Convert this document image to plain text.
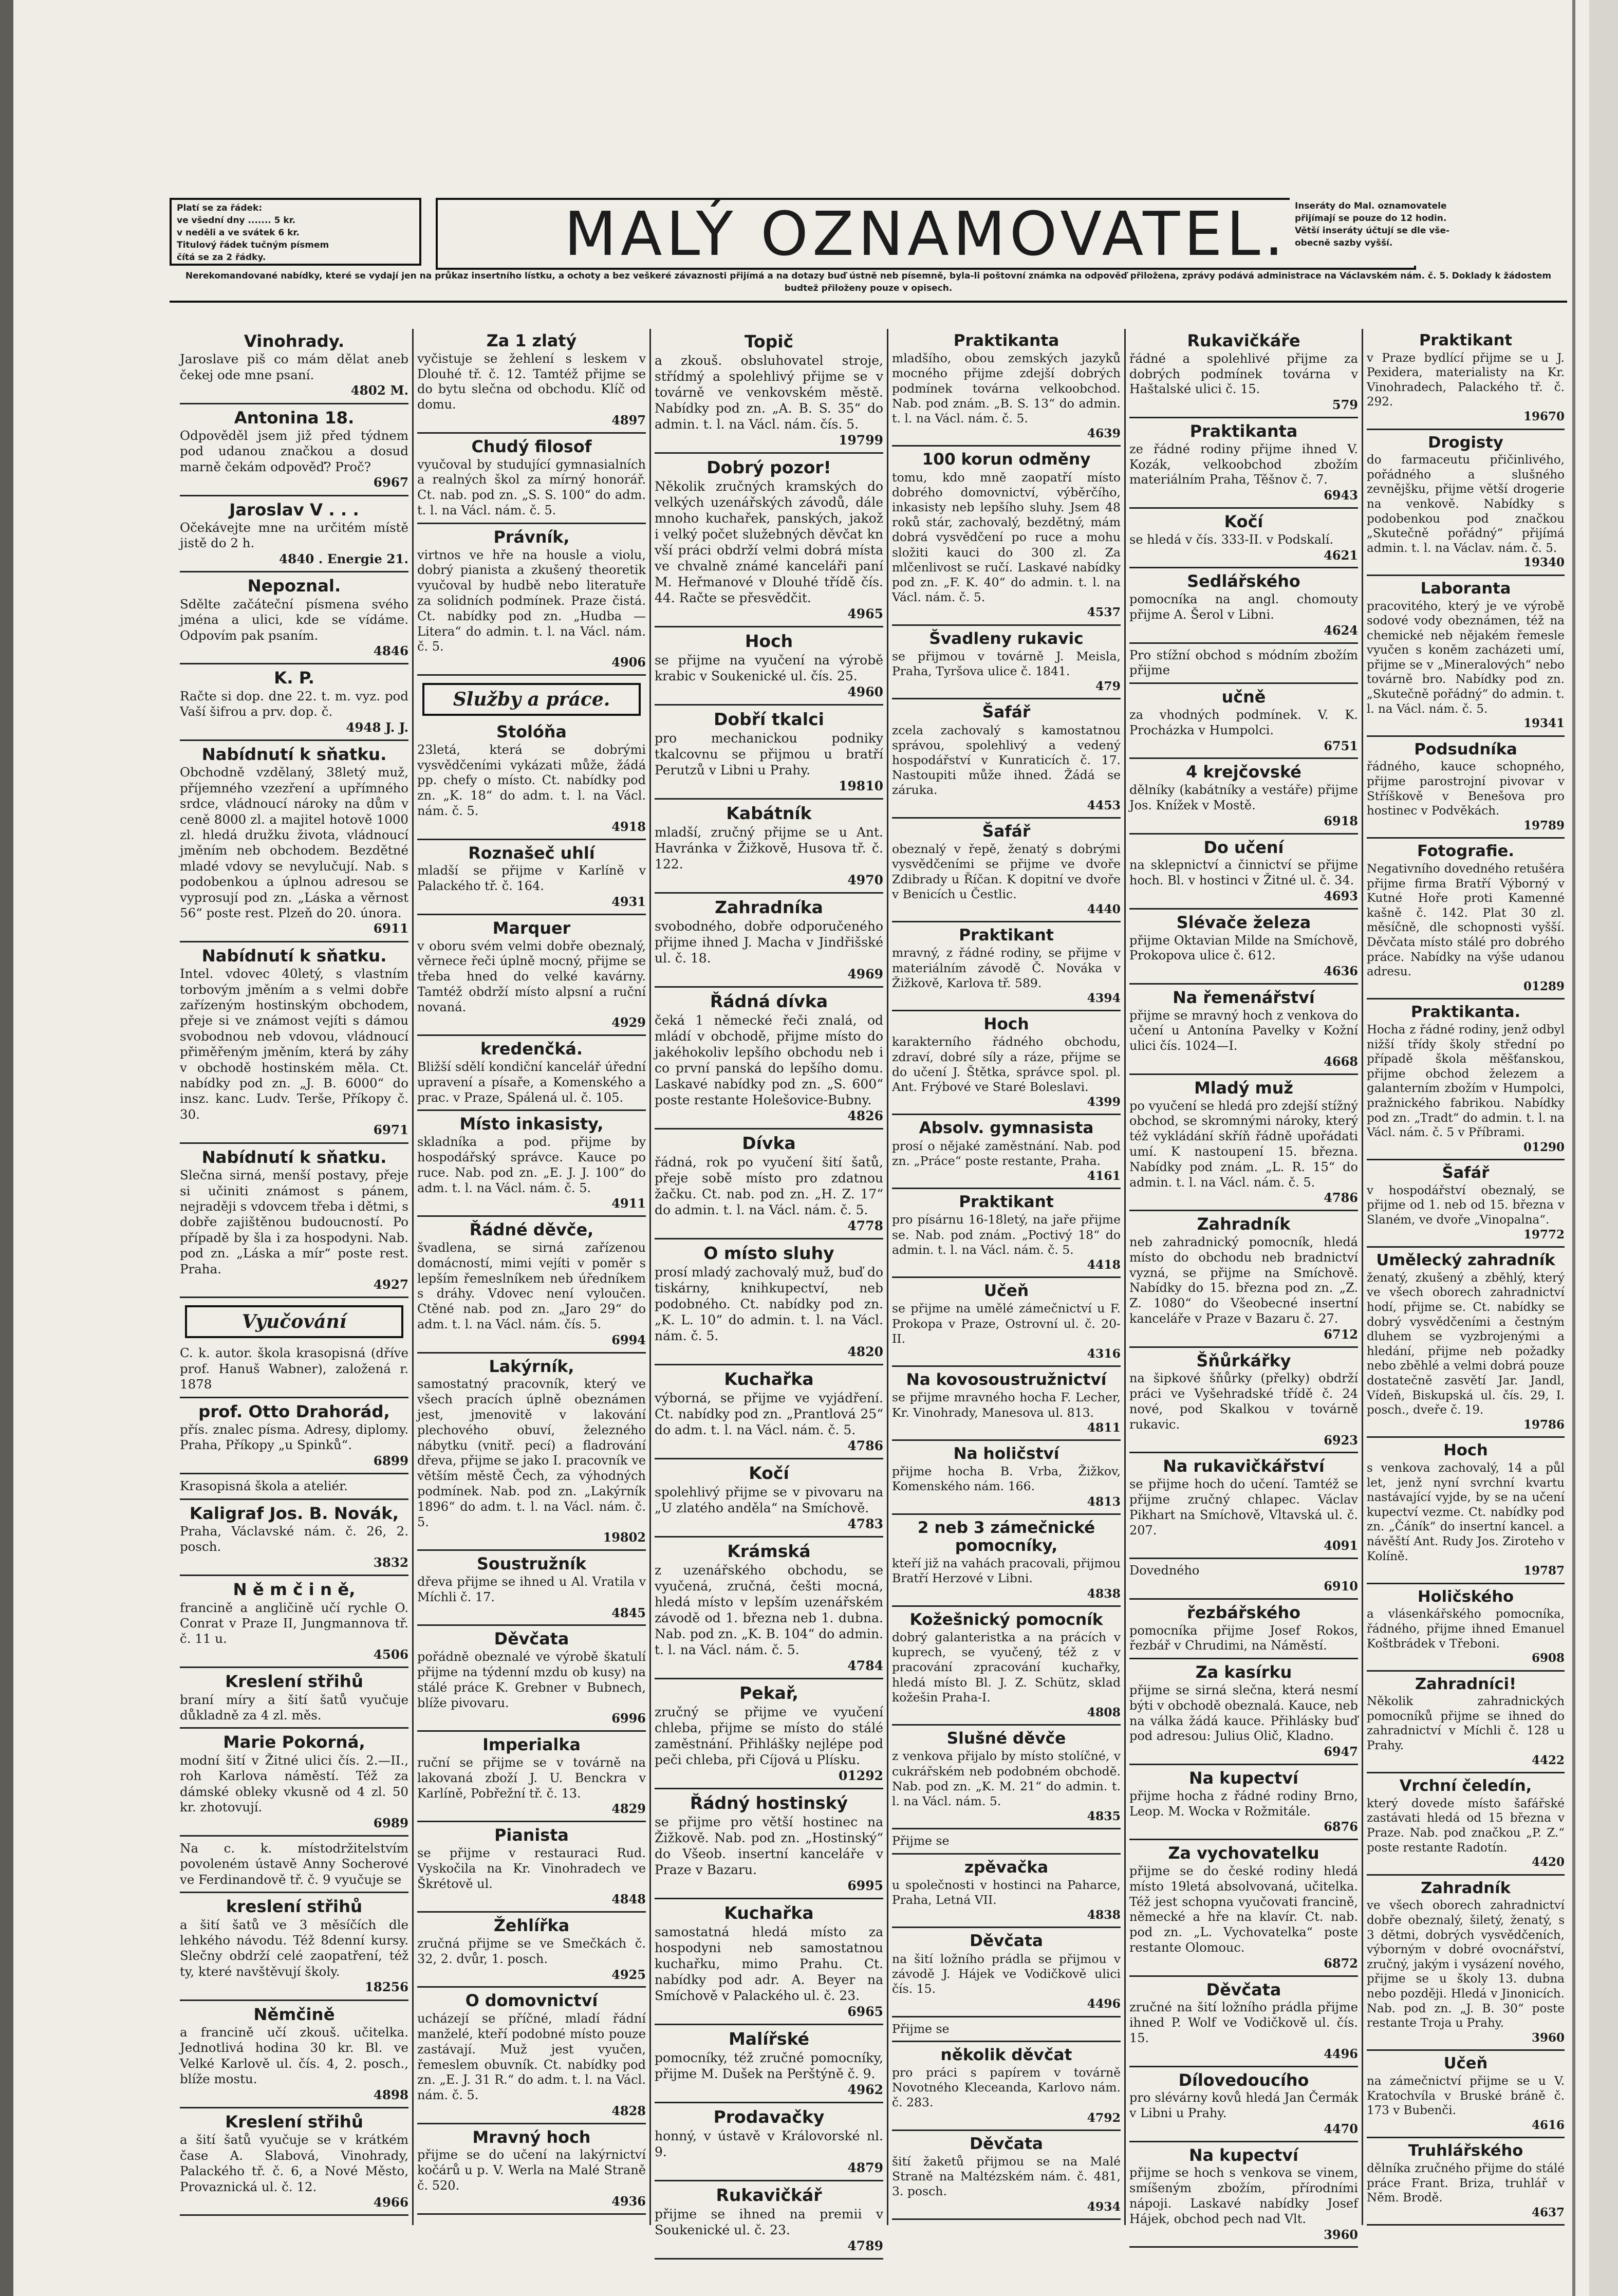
Platí se za řádek:
ve všední dny ....... 5 kr.
v neděli a ve svátek 6 kr.
Titulový řádek tučným písmem
čítá se za 2 řádky.	MALÝ OZNAMOVATEL. Inseráty do Mal. oznamovatele
přijímají se pouze do 12 hodin.
Větší inseráty účtují se dle vše-
obecně sazby vyšší.
Nerekomandované nabídky, které se vydají jen na průkaz insertního lístku, a ochoty a bez veškeré závaznosti přijímá a na dotazy buď ústně neb písemně, byla-li poštovní známka na odpověď přiložena, zprávy podává administrace na Václavském nám. č. 5. Doklady k žádostem budtež přiloženy pouze v opisech.
Vinohrady.
Jaroslave piš co mám dělat aneb čekej ode mne psaní.
4802 M.
Antonina 18.
Odpověděl jsem již před týdnem pod udanou značkou a dosud marně čekám odpověď? Proč?
6967
Jaroslav V . . .
Očekávejte mne na určitém místě jistě do 2 h.
4840 . Energie 21.
Nepoznal.
Sdělte začáteční písmena svého jména a ulici, kde se vídáme. Odpovím pak psaním.
4846
K. P.
Račte si dop. dne 22. t. m. vyz. pod Vaší šifrou a prv. dop. č.
4948 J. J.
Nabídnutí k sňatku.
Obchodně vzdělaný, 38letý muž, příjemného vzezření a upřímného srdce, vládnoucí nároky na dům v ceně 8000 zl. a majitel hotově 1000 zl. hledá družku života, vládnoucí jměním neb obchodem. Bezdětné mladé vdovy se nevylučují. Nab. s podobenkou a úplnou adresou se vyprosují pod zn. „Láska a věrnost 56“ poste rest. Plzeň do 20. února.
6911
Nabídnutí k sňatku.
Intel. vdovec 40letý, s vlastním torbovým jměním a s velmi dobře zařízeným hostinským obchodem, přeje si ve známost vejíti s dámou svobodnou neb vdovou, vládnoucí přiměřeným jměním, která by záhy v obchodě hostinském měla. Ct. nabídky pod zn. „J. B. 6000“ do insz. kanc. Ludv. Terše, Příkopy č. 30.
6971
Nabídnutí k sňatku.
Slečna sirná, menší postavy, přeje si učiniti známost s pánem, nejraději s vdovcem třeba i dětmi, s dobře zajištěnou budoucností. Po případě by šla i za hospodyni. Nab. pod zn. „Láska a mír“ poste rest. Praha.
4927
Vyučování
C. k. autor. škola krasopisná (dříve prof. Hanuš Wabner), založená r. 1878
prof. Otto Drahorád,
přís. znalec písma. Adresy, diplomy. Praha, Příkopy „u Spinků“.
6899
Krasopisná škola a ateliér.
Kaligraf Jos. B. Novák,
Praha, Václavské nám. č. 26, 2. posch.
3832
N ě m č i n ě,
francině a angličině učí rychle O. Conrat v Praze II, Jungmannova tř. č. 11 u.
4506
Kreslení střihů
braní míry a šití šatů vyučuje důkladně za 4 zl. měs.
Marie Pokorná,
modní šití v Žitné ulici čís. 2.—II., roh Karlova náměstí. Též za dámské obleky vkusně od 4 zl. 50 kr. zhotovují.
6989
Na c. k. místodržitelstvím povoleném ústavě Anny Socherové ve Ferdinandově tř. č. 9 vyučuje se
kreslení střihů
a šití šatů ve 3 měsíčích dle lehkého návodu. Též 8denní kursy. Slečny obdrží celé zaopatření, též ty, které navštěvují školy.
18256
Němčině
a francině učí zkouš. učitelka. Jednotlivá hodina 30 kr. Bl. ve Velké Karlově ul. čís. 4, 2. posch., blíže mostu.
4898
Kreslení střihů
a šití šatů vyučuje se v krátkém čase A. Slabová, Vinohrady, Palackého tř. č. 6, a Nové Město, Provaznická ul. č. 12.
4966
Za 1 zlatý
vyčistuje se žehlení s leskem v Dlouhé tř. č. 12. Tamtéž přijme se do bytu slečna od obchodu. Klíč od domu.
4897
Chudý filosof
vyučoval by studující gymnasialních a realných škol za mírný honorář. Ct. nab. pod zn. „S. S. 100“ do adm. t. l. na Václ. nám. č. 5.
Právník,
virtnos ve hře na housle a violu, dobrý pianista a zkušený theoretik vyučoval by hudbě nebo literatuře za solidních podmínek. Praze čistá. Ct. nabídky pod zn. „Hudba — Litera“ do admin. t. l. na Václ. nám. č. 5.
4906
Služby a práce.
Stolóňa
23letá, která se dobrými vysvědčeními vykázati může, žádá pp. chefy o místo. Ct. nabídky pod zn. „K. 18“ do adm. t. l. na Václ. nám. č. 5.
4918
Roznašeč uhlí
mladší se přijme v Karlíně v Palackého tř. č. 164.
4931
Marquer
v oboru svém velmi dobře obeznalý, věrnece řeči úplně mocný, přijme se třeba hned do velké kavárny. Tamtéž obdrží místo alpsní a ruční novaná.
4929
kredenčká.
Bližší sdělí kondiční kancelář úřední upravení a písaře, a Komenského a prac. v Praze, Spálená ul. č. 105.
Místo inkasisty,
skladníka a pod. přijme by hospodářský správce. Kauce po ruce. Nab. pod zn. „E. J. J. 100“ do adm. t. l. na Václ. nám. č. 5.
4911
Řádné děvče,
švadlena, se sirná zařízenou domácností, mimi vejíti v poměr s lepším řemeslníkem neb úředníkem s dráhy. Vdovec není vyloučen. Ctěné nab. pod zn. „Jaro 29“ do adm. t. l. na Václ. nám. čís. 5.
6994
Lakýrník,
samostatný pracovník, který ve všech pracích úplně obeznámen jest, jmenovitě v lakování plechového obuví, železného nábytku (vnitř. pecí) a fladrování dřeva, přijme se jako I. pracovník ve větším městě Čech, za výhodných podmínek. Nab. pod zn. „Lakýrník 1896“ do adm. t. l. na Václ. nám. č. 5.
19802
Soustružník
dřeva přijme se ihned u Al. Vratila v Míchli č. 17.
4845
Děvčata
pořádně obeznalé ve výrobě škatulí přijme na týdenní mzdu ob kusy) na stálé práce K. Grebner v Bubnech, blíže pivovaru.
6996
Imperialka
ruční se přijme se v továrně na lakovaná zboží J. U. Benckra v Karlíně, Pobřežní tř. č. 13.
4829
Pianista
se přijme v restauraci Rud. Vyskočila na Kr. Vinohradech ve Škrétově ul.
4848
Žehlířka
zručná přijme se ve Smečkách č. 32, 2. dvůr, 1. posch.
4925
O domovnictví
ucházejí se příčné, mladí řádní manželé, kteří podobné místo pouze zastávají. Muž jest vyučen, řemeslem obuvník. Ct. nabídky pod zn. „E. J. 31 R.“ do adm. t. l. na Václ. nám. č. 5.
4828
Mravný hoch
přijme se do učení na lakýrnictví kočárů u p. V. Werla na Malé Straně č. 520.
4936
Topič
a zkouš. obsluhovatel stroje, střídmý a spolehlivý přijme se v továrně ve venkovském městě. Nabídky pod zn. „A. B. S. 35“ do admin. t. l. na Václ. nám. čís. 5.
19799
Dobrý pozor!
Několik zručných kramských do velkých uzenářských závodů, dále mnoho kuchařek, panských, jakož i velký počet služebných děvčat kn vší práci obdrží velmi dobrá místa ve chvalně známé kanceláři paní M. Heřmanové v Dlouhé třídě čís. 44. Račte se přesvědčit.
4965
Hoch
se přijme na vyučení na výrobě krabic v Soukenické ul. čís. 25.
4960
Dobří tkalci
pro mechanickou podniky tkalcovnu se přijmou u bratří Perutzů v Libni u Prahy.
19810
Kabátník
mladší, zručný přijme se u Ant. Havránka v Žižkově, Husova tř. č. 122.
4970
Zahradníka
svobodného, dobře odporučeného přijme ihned J. Macha v Jindřišské ul. č. 18.
4969
Řádná dívka
čeká 1 německé řeči znalá, od mládí v obchodě, přijme místo do jakéhokoliv lepšího obchodu neb i co první panská do lepšího domu. Laskavé nabídky pod zn. „S. 600“ poste restante Holešovice-Bubny.
4826
Dívka
řádná, rok po vyučení šití šatů, přeje sobě místo pro zdatnou žačku. Ct. nab. pod zn. „H. Z. 17“ do admin. t. l. na Václ. nám. č. 5.
4778
O místo sluhy
prosí mladý zachovalý muž, buď do tiskárny, knihkupectví, neb podobného. Ct. nabídky pod zn. „K. L. 10“ do admin. t. l. na Václ. nám. č. 5.
4820
Kuchařka
výborná, se přijme ve vyjádření. Ct. nabídky pod zn. „Prantlová 25“ do adm. t. l. na Václ. nám. č. 5.
4786
Kočí
spolehlivý přijme se v pivovaru na „U zlatého anděla“ na Smíchově.
4783
Krámská
z uzenářského obchodu, se vyučená, zručná, češti mocná, hledá místo v lepším uzenářském závodě od 1. března neb 1. dubna. Nab. pod zn. „K. B. 104“ do admin. t. l. na Václ. nám. č. 5.
4784
Pekař,
zručný se přijme ve vyučení chleba, přijme se místo do stálé zaměstnání. Přihlášky nejlépe pod peči chleba, při Cíjová u Plísku.
01292
Řádný hostinský
se přijme pro větší hostinec na Žižkově. Nab. pod zn. „Hostinský“ do Všeob. insertní kanceláře v Praze v Bazaru.
6995
Kuchařka
samostatná hledá místo za hospodyni neb samostatnou kuchařku, mimo Prahu. Ct. nabídky pod adr. A. Beyer na Smíchově v Palackého ul. č. 23.
6965
Malířské
pomocníky, též zručné pomocníky, přijme M. Dušek na Perštýně č. 9.
4962
Prodavačky
honný, v ústavě v Královorské nl. 9.
4879
Rukavičkář
přijme se ihned na premii v Soukenické ul. č. 23.
4789
Praktikanta
mladšího, obou zemských jazyků mocného přijme zdejší dobrých podmínek továrna velkoobchod. Nab. pod znám. „B. S. 13“ do admin. t. l. na Václ. nám. č. 5.
4639
100 korun odměny
tomu, kdo mně zaopatří místo dobrého domovnictví, výběrčího, inkasisty neb lepšího sluhy. Jsem 48 roků stár, zachovalý, bezdětný, mám dobrá vysvědčení po ruce a mohu složiti kauci do 300 zl. Za mlčenlivost se ručí. Laskavé nabídky pod zn. „F. K. 40“ do admin. t. l. na Václ. nám. č. 5.
4537
Švadleny rukavic
se přijmou v továrně J. Meisla, Praha, Tyršova ulice č. 1841.
479
Šafář
zcela zachovalý s kamostatnou správou, spolehlivý a vedený hospodářství v Kunraticích č. 17. Nastoupiti může ihned. Žádá se záruka.
4453
Šafář
obeznalý v řepě, ženatý s dobrými vysvědčeními se přijme ve dvoře Zdibrady u Říčan. K dopitní ve dvoře v Benicích u Čestlic.
4440
Praktikant
mravný, z řádné rodiny, se přijme v materiálním závodě Č. Nováka v Žižkově, Karlova tř. 589.
4394
Hoch
karakterního řádného obchodu, zdraví, dobré síly a ráze, přijme se do učení J. Štětka, správce spol. pl. Ant. Frýbové ve Staré Boleslavi.
4399
Absolv. gymnasista
prosí o nějaké zaměstnání. Nab. pod zn. „Práce“ poste restante, Praha.
4161
Praktikant
pro písárnu 16-18letý, na jaře přijme se. Nab. pod znám. „Poctivý 18“ do admin. t. l. na Václ. nám. č. 5.
4418
Učeň
se přijme na umělé zámečnictví u F. Prokopa v Praze, Ostrovní ul. č. 20-II.
4316
Na kovosoustružnictví
se přijme mravného hocha F. Lecher, Kr. Vinohrady, Manesova ul. 813.
4811
Na holičství
přijme hocha B. Vrba, Žižkov, Komenského nám. 166.
4813
2 neb 3 zámečnické pomocníky,
kteří již na vahách pracovali, přijmou Bratří Herzové v Libni.
4838
Kožešnický pomocník
dobrý galanteristka a na prácích v kuprech, se vyučený, též z v pracování zpracování kuchařky, hledá místo Bl. J. Z. Schütz, sklad kožešin Praha-I.
4808
Slušné děvče
z venkova přijalo by místo stolíčné, v cukrářském neb podobném obchodě. Nab. pod zn. „K. M. 21“ do admin. t. l. na Václ. nám. 5.
4835
Přijme se
zpěvačka
u společnosti v hostinci na Paharce, Praha, Letná VII.
4838
Děvčata
na šití ložního prádla se přijmou v závodě J. Hájek ve Vodičkově ulici čís. 15.
4496
Přijme se
několik děvčat
pro práci s papírem v továrně Novotného Kleceanda, Karlovo nám. č. 283.
4792
Děvčata
šití žaketů přijmou se na Malé Straně na Maltézském nám. č. 481, 3. posch.
4934
Rukavičkáře
řádné a spolehlivé přijme za dobrých podmínek továrna v Haštalské ulici č. 15.
579
Praktikanta
ze řádné rodiny přijme ihned V. Kozák, velkoobchod zbožím materiálním Praha, Těšnov č. 7.
6943
Kočí
se hledá v čís. 333-II. v Podskalí.
4621
Sedlářského
pomocníka na angl. chomouty přijme A. Šerol v Libni.
4624
Pro stížní obchod s módním zbožím přijme
učně
za vhodných podmínek. V. K. Procházka v Humpolci.
6751
4 krejčovské
dělníky (kabátníky a vestáře) přijme Jos. Knížek v Mostě.
6918
Do učení
na sklepnictví a činnictví se přijme hoch. Bl. v hostinci v Žitné ul. č. 34.
4693
Slévače železa
přijme Oktavian Milde na Smíchově, Prokopova ulice č. 612.
4636
Na řemenářství
přijme se mravný hoch z venkova do učení u Antonína Pavelky v Kožní ulici čís. 1024—I.
4668
Mladý muž
po vyučení se hledá pro zdejší stížný obchod, se skromnými nároky, který též vykládání skříň řádně upořádati umí. K nastoupení 15. března. Nabídky pod znám. „L. R. 15“ do admin. t. l. na Václ. nám. č. 5.
4786
Zahradník
neb zahradnický pomocník, hledá místo do obchodu neb bradnictví vyzná, se přijme na Smíchově. Nabídky do 15. března pod zn. „Z. Z. 1080“ do Všeobecné insertní kanceláře v Praze v Bazaru č. 27.
6712
Šňůrkářky
na šipkové šňůrky (přelky) obdrží práci ve Vyšehradské třídě č. 24 nové, pod Skalkou v továrně rukavic.
6923
Na rukavičkářství
se přijme hoch do učení. Tamtéž se přijme zručný chlapec. Václav Pikhart na Smíchově, Vltavská ul. č. 207.
4091
Dovedného
6910
řezbářského
pomocníka přijme Josef Rokos, řezbář v Chrudimi, na Náměstí.
Za kasírku
přijme se sirná slečna, která nesmí býti v obchodě obeznalá. Kauce, neb na válka žádá kauce. Přihlásky buď pod adresou: Julius Olič, Kladno.
6947
Na kupectví
přijme hocha z řádné rodiny Brno, Leop. M. Wocka v Rožmitále.
6876
Za vychovatelku
přijme se do české rodiny hledá místo 19letá absolvovaná, učitelka. Též jest schopna vyučovati francině, německé a hře na klavír. Ct. nab. pod zn. „L. Vychovatelka“ poste restante Olomouc.
6872
Děvčata
zručné na šití ložního prádla přijme ihned P. Wolf ve Vodičkově ul. čís. 15.
4496
Dílovedoucího
pro slévárny kovů hledá Jan Čermák v Libni u Prahy.
4470
Na kupectví
přijme se hoch s venkova se vinem, smíšeným zbožím, přírodními nápoji. Laskavé nabídky Josef Hájek, obchod pech nad Vlt.
3960
Praktikant
v Praze bydlící přijme se u J. Pexidera, materialisty na Kr. Vinohradech, Palackého tř. č. 292.
19670
Drogisty
do farmaceutu přičinlivého, pořádného a slušného zevnějšku, přijme větší drogerie na venkově. Nabídky s podobenkou pod značkou „Skutečně pořádný“ přijímá admin. t. l. na Václav. nám. č. 5.
19340
Laboranta
pracovitého, který je ve výrobě sodové vody obeznámen, též na chemické neb nějakém řemesle vyučen s koněm zacházeti umí, přijme se v „Mineralových“ nebo továrně bro. Nabídky pod zn. „Skutečně pořádný“ do admin. t. l. na Václ. nám. č. 5.
19341
Podsudníka
řádného, kauce schopného, přijme parostrojní pivovar v Stříškově v Benešova pro hostinec v Podvěkách.
19789
Fotografie.
Negativního dovedného retušéra přijme firma Bratří Výborný v Kutné Hoře proti Kamenné kašně č. 142. Plat 30 zl. měsíčně, dle schopnosti vyšší. Děvčata místo stálé pro dobrého práce. Nabídky na výše udanou adresu.
01289
Praktikanta.
Hocha z řádné rodiny, jenž odbyl nižší třídy školy střední po případě škola měšťanskou, přijme obchod železem a galanterním zbožím v Humpolci, pražnického fabrikou. Nabídky pod zn. „Tradt“ do admin. t. l. na Václ. nám. č. 5 v Příbrami.
01290
Šafář
v hospodářství obeznalý, se přijme od 1. neb od 15. března v Slaném, ve dvoře „Vinopalna“.
19772
Umělecký zahradník
ženatý, zkušený a zběhlý, který ve všech oborech zahradnictví hodí, přijme se. Ct. nabídky se dobrý vysvědčeními a čestným dluhem se vyzbrojenými a hledání, přijme neb požadky nebo zběhlé a velmi dobrá pouze dostatečně zasvětí Jar. Jandl, Vídeň, Biskupská ul. čís. 29, I. posch., dveře č. 19.
19786
Hoch
s venkova zachovalý, 14 a půl let, jenž nyní svrchní kvartu nastávající vyjde, by se na učení kupectví vezme. Ct. nabídky pod zn. „Čáník“ do insertní kancel. a návěští Ant. Rudy Jos. Ziroteho v Kolíně.
19787
Holičského
a vlásenkářského pomocníka, řádného, přijme ihned Emanuel Koštbrádek v Třeboni.
6908
Zahradníci!
Několik zahradnických pomocníků přijme se ihned do zahradnictví v Míchli č. 128 u Prahy.
4422
Vrchní čeledín,
který dovede místo šafářské zastávati hledá od 15 března v Praze. Nab. pod značkou „P. Z.“ poste restante Radotín.
4420
Zahradník
ve všech oborech zahradnictví dobře obeznalý, šiletý, ženatý, s 3 dětmi, dobrých vysvědčeních, výborným v dobré ovocnářství, zručný, jakým i vysázení nového, přijme se u školy 13. dubna nebo později. Hledá v Jinonicích. Nab. pod zn. „J. B. 30“ poste restante Troja u Prahy.
3960
Učeň
na zámečnictví přijme se u V. Kratochvíla v Bruské bráně č. 173 v Bubenči.
4616
Truhlářského
dělníka zručného přijme do stálé práce Frant. Briza, truhlář v Něm. Brodě.
4637
